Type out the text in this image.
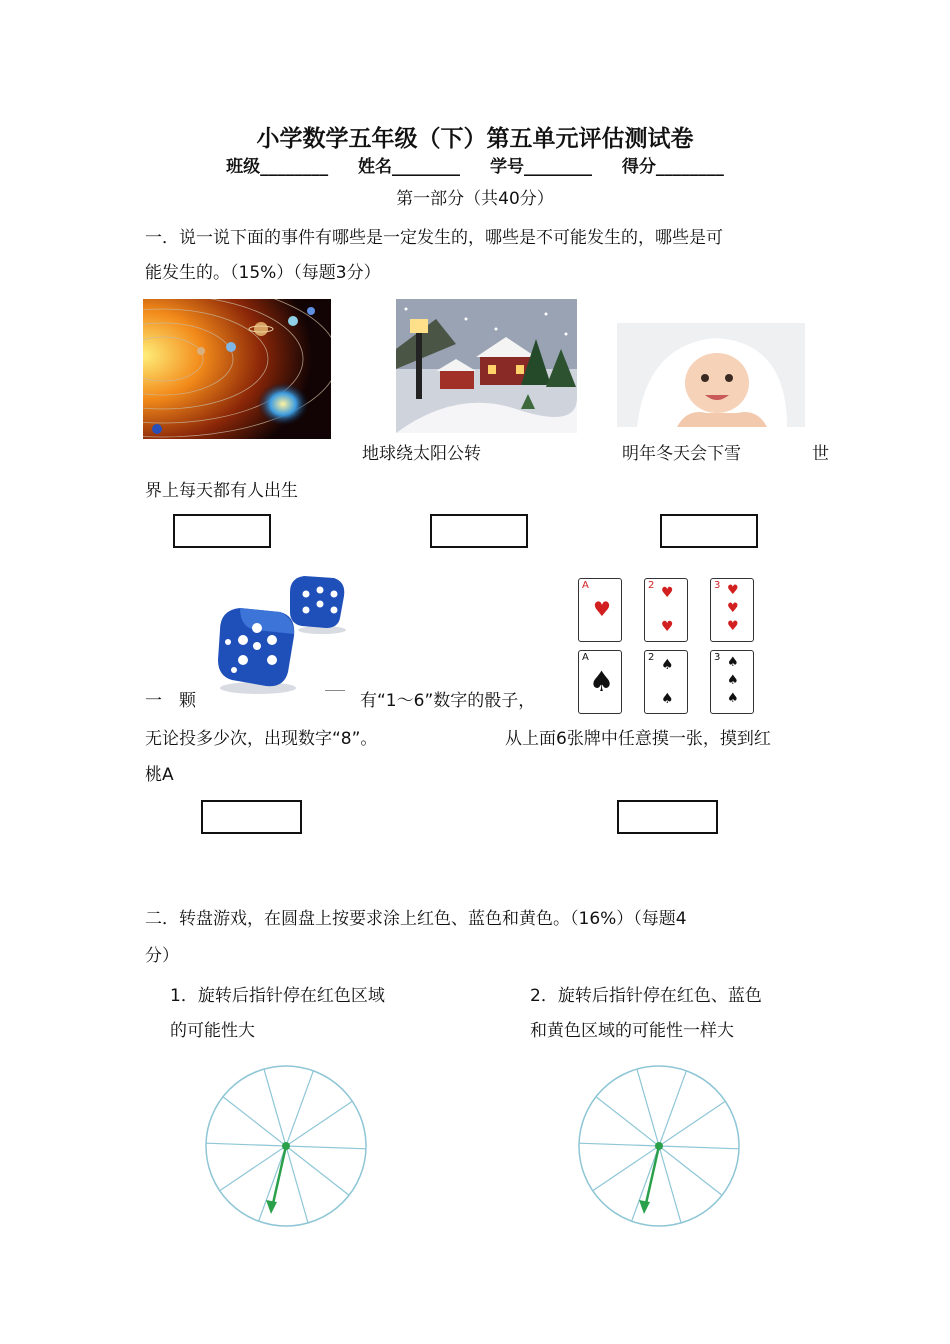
小学数学五年级（下）第五单元评估测试卷
班级________ 姓名________ 学号________ 得分________
第一部分（共40分）
一．说一说下面的事件有哪些是一定发生的，哪些是不可能发生的，哪些是可
能发生的。（15%）（每题3分）
地球绕太阳公转	明年冬天会下雪	世
界上每天都有人出生
A
♥
2 ♥
♥
3 ♥
♥
♥
A
♠
2 ♠
♠
3 ♠
♠
♠
一　颗	有“1～6”数字的骰子，
无论投多少次，出现数字“8”。	从上面6张牌中任意摸一张，摸到红
桃A
二．转盘游戏，在圆盘上按要求涂上红色、蓝色和黄色。（16%）（每题4
分）
1．旋转后指针停在红色区域
的可能性大
2．旋转后指针停在红色、蓝色
和黄色区域的可能性一样大
